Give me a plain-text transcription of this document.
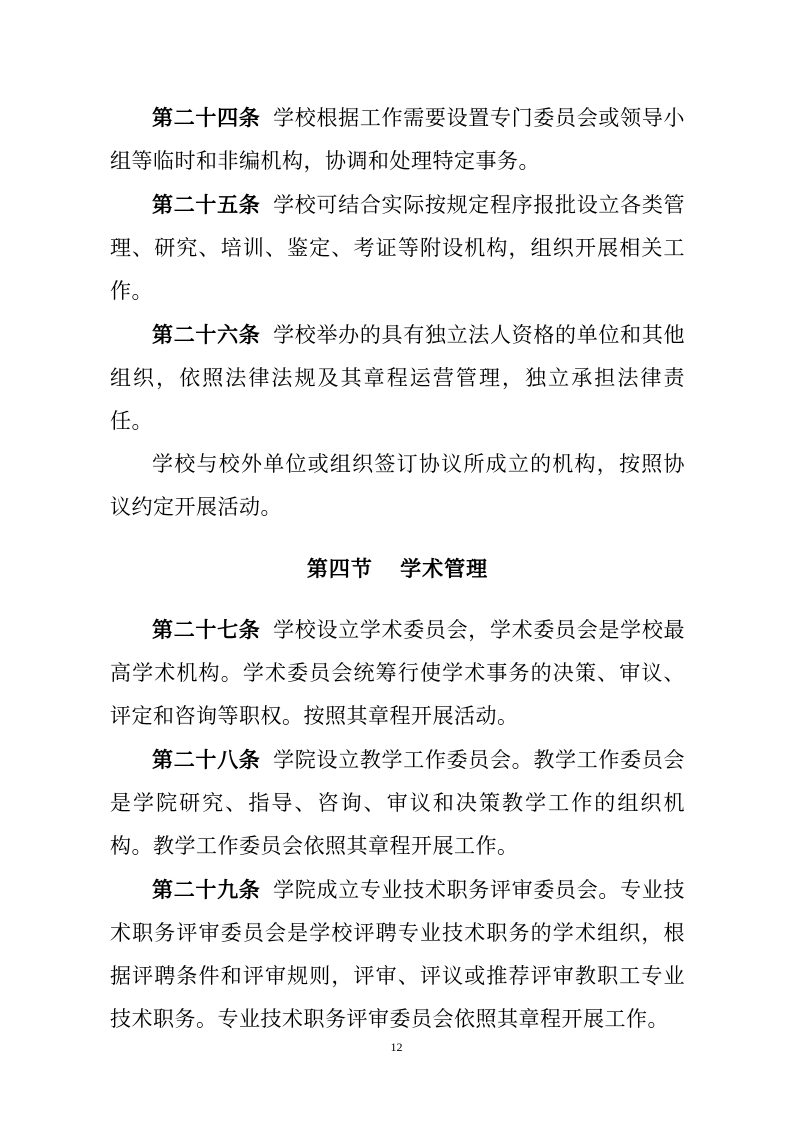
第二十四条 学校根据工作需要设置专门委员会或领导小组等临时和非编机构，协调和处理特定事务。

第二十五条 学校可结合实际按规定程序报批设立各类管理、研究、培训、鉴定、考证等附设机构，组织开展相关工作。

第二十六条 学校举办的具有独立法人资格的单位和其他组织，依照法律法规及其章程运营管理，独立承担法律责任。

学校与校外单位或组织签订协议所成立的机构，按照协议约定开展活动。

第四节 学术管理

第二十七条 学校设立学术委员会，学术委员会是学校最高学术机构。学术委员会统筹行使学术事务的决策、审议、评定和咨询等职权。按照其章程开展活动。

第二十八条 学院设立教学工作委员会。教学工作委员会是学院研究、指导、咨询、审议和决策教学工作的组织机构。教学工作委员会依照其章程开展工作。

第二十九条 学院成立专业技术职务评审委员会。专业技术职务评审委员会是学校评聘专业技术职务的学术组织，根据评聘条件和评审规则，评审、评议或推荐评审教职工专业技术职务。专业技术职务评审委员会依照其章程开展工作。

12
